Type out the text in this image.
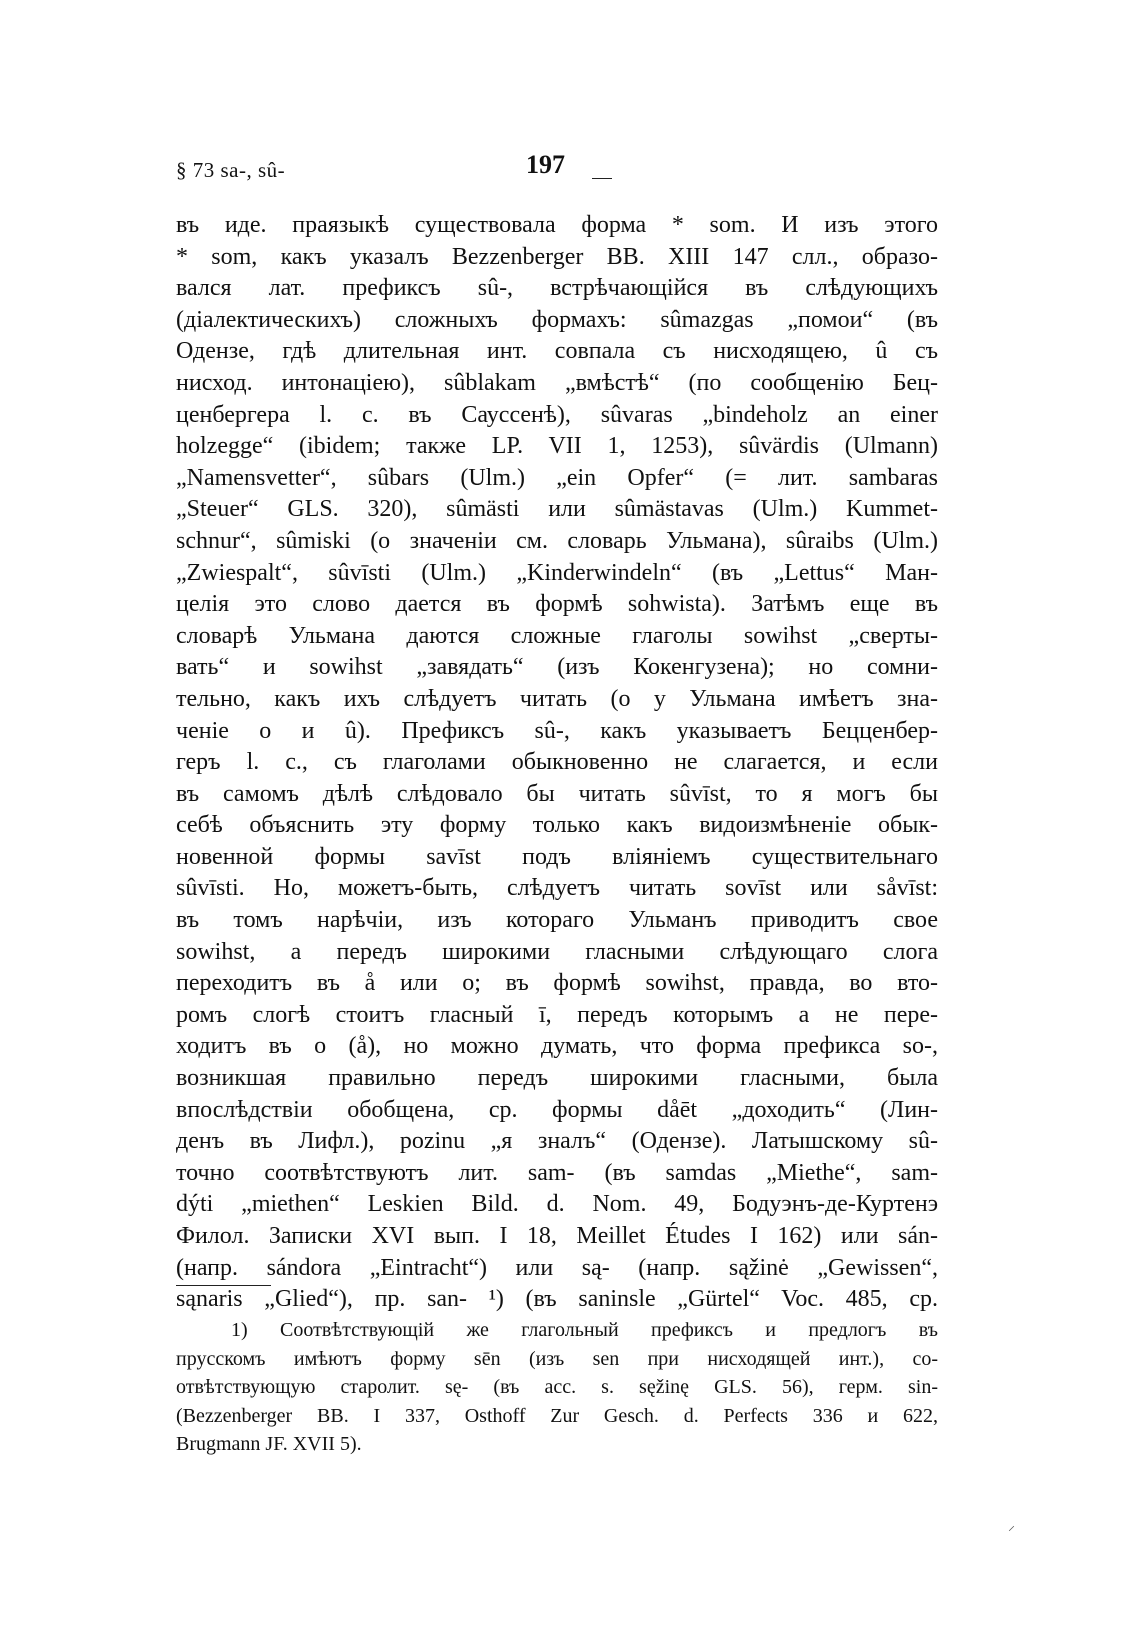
§ 73 sa-, sû-	197
въ иде. праязыкѣ существовала форма * som. И изъ этого
* som, какъ указалъ Bezzenberger BB. XIII 147 слл., образо-
вался лат. префиксъ sû-, встрѣчающійся въ слѣдующихъ
(діалектическихъ) сложныхъ формахъ: sûmazgas „помои“ (въ
Одензе, гдѣ длительная инт. совпала съ нисходящею, û съ
нисход. интонаціею), sûblakam „вмѣстѣ“ (по сообщенію Бец-
ценбергера l. c. въ Сауссенѣ), sûvaras „bindeholz an einer
holzegge“ (ibidem; также LP. VII 1, 1253), sûvärdis (Ulmann)
„Namensvetter“, sûbars (Ulm.) „ein Opfer“ (= лит. sambaras
„Steuer“ GLS. 320), sûmästi или sûmästavas (Ulm.) Kummet-
schnur“, sûmiski (о значеніи см. словарь Ульмана), sûraibs (Ulm.)
„Zwiespalt“, sûvīsti (Ulm.) „Kinderwindeln“ (въ „Lettus“ Ман-
целія это слово дается въ формѣ sohwista). Затѣмъ еще въ
словарѣ Ульмана даются сложные глаголы sowihst „сверты-
вать“ и sowihst „завядать“ (изъ Кокенгузена); но сомни-
тельно, какъ ихъ слѣдуетъ читать (о у Ульмана имѣетъ зна-
ченіе о и û). Префиксъ sû-, какъ указываетъ Бецценбер-
геръ l. c., съ глаголами обыкновенно не слагается, и если
въ самомъ дѣлѣ слѣдовало бы читать sûvīst, то я могъ бы
себѣ объяснить эту форму только какъ видоизмѣненіе обык-
новенной формы savīst подъ вліяніемъ существительнаго
sûvīsti. Но, можетъ-быть, слѣдуетъ читать sovīst или såvīst:
въ томъ нарѣчіи, изъ котораго Ульманъ приводитъ свое
sowihst, а передъ широкими гласными слѣдующаго слога
переходитъ въ å или o; въ формѣ sowihst, правда, во вто-
ромъ слогѣ стоитъ гласный ī, передъ которымъ a не пере-
ходитъ въ o (å), но можно думать, что форма префикса so-,
возникшая правильно передъ широкими гласными, была
впослѣдствіи обобщена, ср. формы dåēt „доходить“ (Лин-
денъ въ Лифл.), pozinu „я зналъ“ (Одензе). Латышскому sû-
точно соотвѣтствуютъ лит. sam- (въ samdas „Miethe“, sam-
dýti „miethen“ Leskien Bild. d. Nom. 49, Бодуэнъ-де-Куртенэ
Филол. Записки XVI вып. I 18, Meillet Études I 162) или sán-
(напр. sándora „Eintracht“) или są- (напр. sąžinė „Gewissen“,
sąnaris „Glied“), пр. san- ¹) (въ saninsle „Gürtel“ Voc. 485, ср.
1) Соотвѣтствующій же глагольный префиксъ и предлогъ въ
прусскомъ имѣютъ форму sēn (изъ sen при нисходящей инт.), со-
отвѣтствующую старолит. sę- (въ acc. s. sęžinę GLS. 56), герм. sin-
(Bezzenberger BB. I 337, Osthoff Zur Gesch. d. Perfects 336 и 622,
Brugmann JF. XVII 5).
⸝
